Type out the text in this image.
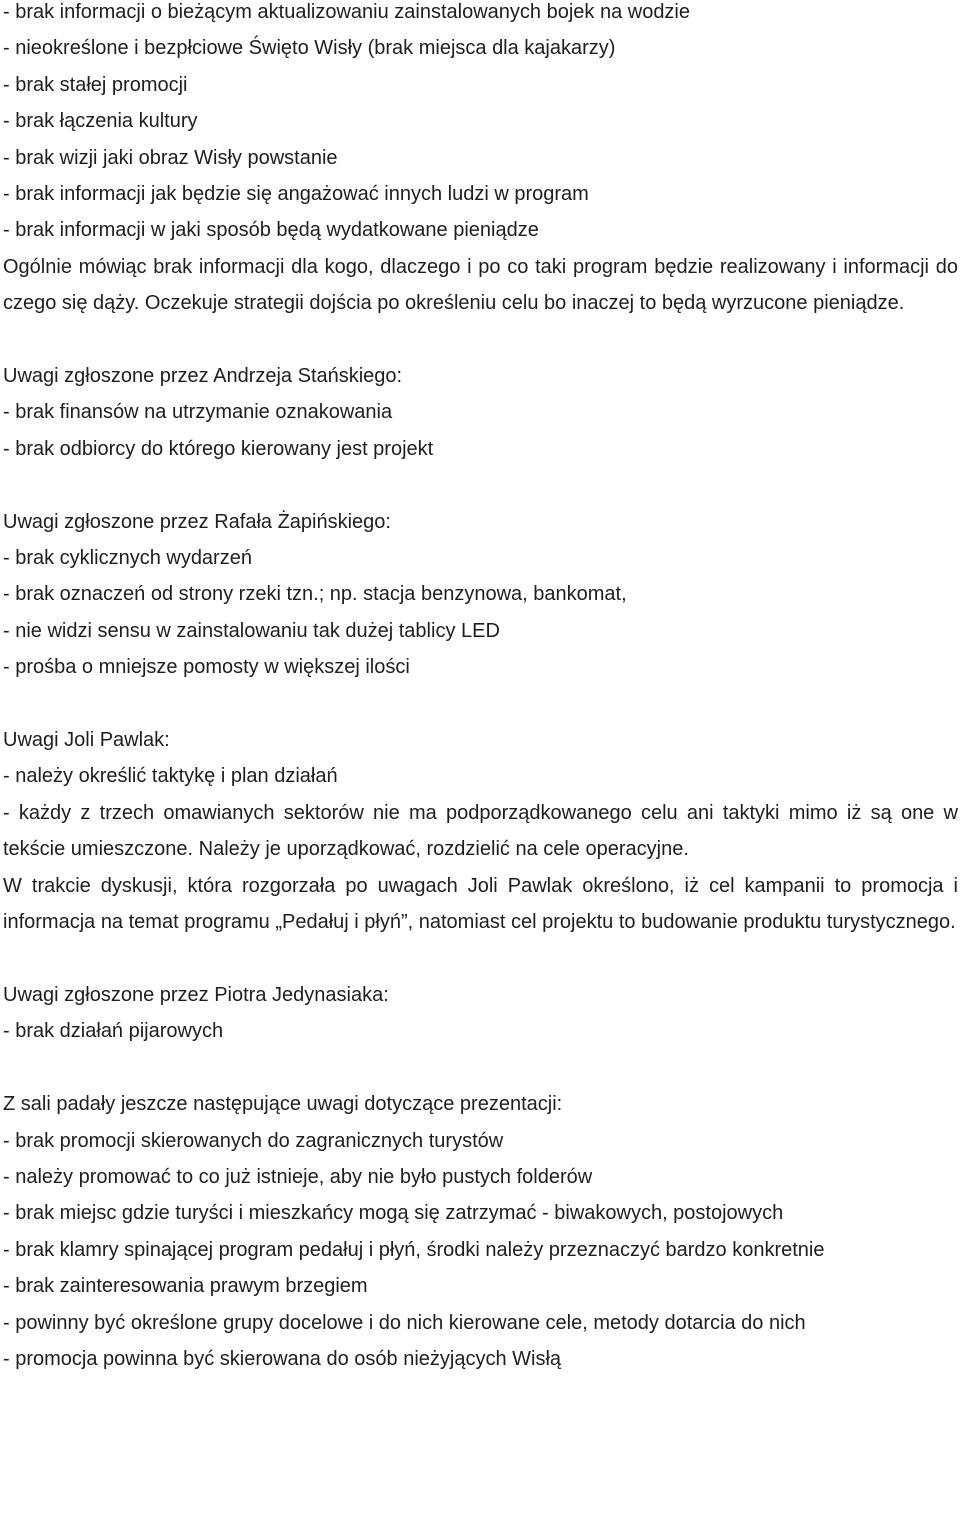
- brak informacji o bieżącym aktualizowaniu zainstalowanych bojek na wodzie
- nieokreślone i bezpłciowe Święto Wisły (brak miejsca dla kajakarzy)
- brak stałej promocji
- brak łączenia kultury
- brak wizji jaki obraz Wisły powstanie
- brak informacji jak będzie się angażować innych ludzi w program
- brak informacji w jaki sposób będą wydatkowane pieniądze
Ogólnie mówiąc brak informacji dla kogo, dlaczego i po co taki program będzie realizowany i informacji do czego się dąży. Oczekuje strategii dojścia po określeniu celu bo inaczej to będą wyrzucone pieniądze.
Uwagi zgłoszone przez Andrzeja Stańskiego:
- brak finansów na utrzymanie oznakowania
- brak odbiorcy do którego kierowany jest projekt
Uwagi zgłoszone przez Rafała Żapińskiego:
- brak cyklicznych wydarzeń
- brak oznaczeń od strony rzeki tzn.; np. stacja benzynowa, bankomat,
- nie widzi sensu w zainstalowaniu tak dużej tablicy LED
- prośba o mniejsze pomosty w większej ilości
Uwagi Joli Pawlak:
- należy określić taktykę i plan działań
- każdy z trzech omawianych sektorów nie ma podporządkowanego celu ani taktyki mimo iż są one w tekście umieszczone. Należy je uporządkować, rozdzielić na cele operacyjne.
W trakcie dyskusji, która rozgorzała po uwagach Joli Pawlak określono, iż cel kampanii to promocja i informacja na temat programu „Pedałuj i płyń”, natomiast cel projektu to budowanie produktu turystycznego.
Uwagi zgłoszone przez Piotra Jedynasiaka:
- brak działań pijarowych
Z sali padały jeszcze następujące uwagi dotyczące prezentacji:
- brak promocji skierowanych do zagranicznych turystów
- należy promować to co już istnieje, aby nie było pustych folderów
- brak miejsc gdzie turyści i mieszkańcy mogą się zatrzymać - biwakowych, postojowych
- brak klamry spinającej program pedałuj i płyń, środki należy przeznaczyć bardzo konkretnie
- brak zainteresowania prawym brzegiem
- powinny być określone grupy docelowe i do nich kierowane cele, metody dotarcia do nich
- promocja powinna być skierowana do osób nieżyjących Wisłą
